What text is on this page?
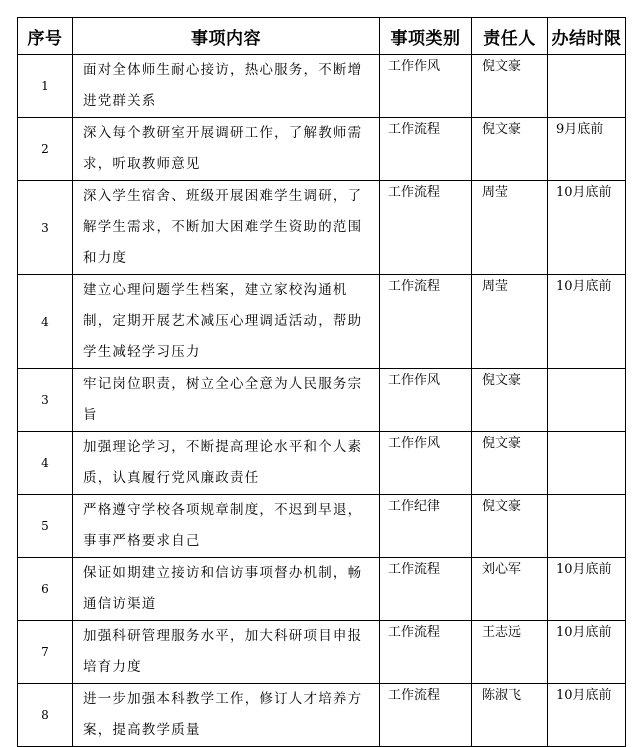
序号	事项内容	事项类别	责任人	办结时限
1	面对全体师生耐心接访，热心服务，不断增进党群关系	工作作风	倪文豪	
2	深入每个教研室开展调研工作，了解教师需求，听取教师意见	工作流程	倪文豪	9月底前
3	深入学生宿舍、班级开展困难学生调研，了解学生需求，不断加大困难学生资助的范围和力度	工作流程	周莹	10月底前
4	建立心理问题学生档案，建立家校沟通机制，定期开展艺术减压心理调适活动，帮助学生减轻学习压力	工作流程	周莹	10月底前
3	牢记岗位职责，树立全心全意为人民服务宗旨	工作作风	倪文豪	
4	加强理论学习，不断提高理论水平和个人素质，认真履行党风廉政责任	工作作风	倪文豪	
5	严格遵守学校各项规章制度，不迟到早退，事事严格要求自己	工作纪律	倪文豪	
6	保证如期建立接访和信访事项督办机制，畅通信访渠道	工作流程	刘心军	10月底前
7	加强科研管理服务水平，加大科研项目申报培育力度	工作流程	王志远	10月底前
8	进一步加强本科教学工作，修订人才培养方案，提高教学质量	工作流程	陈淑飞	10月底前
